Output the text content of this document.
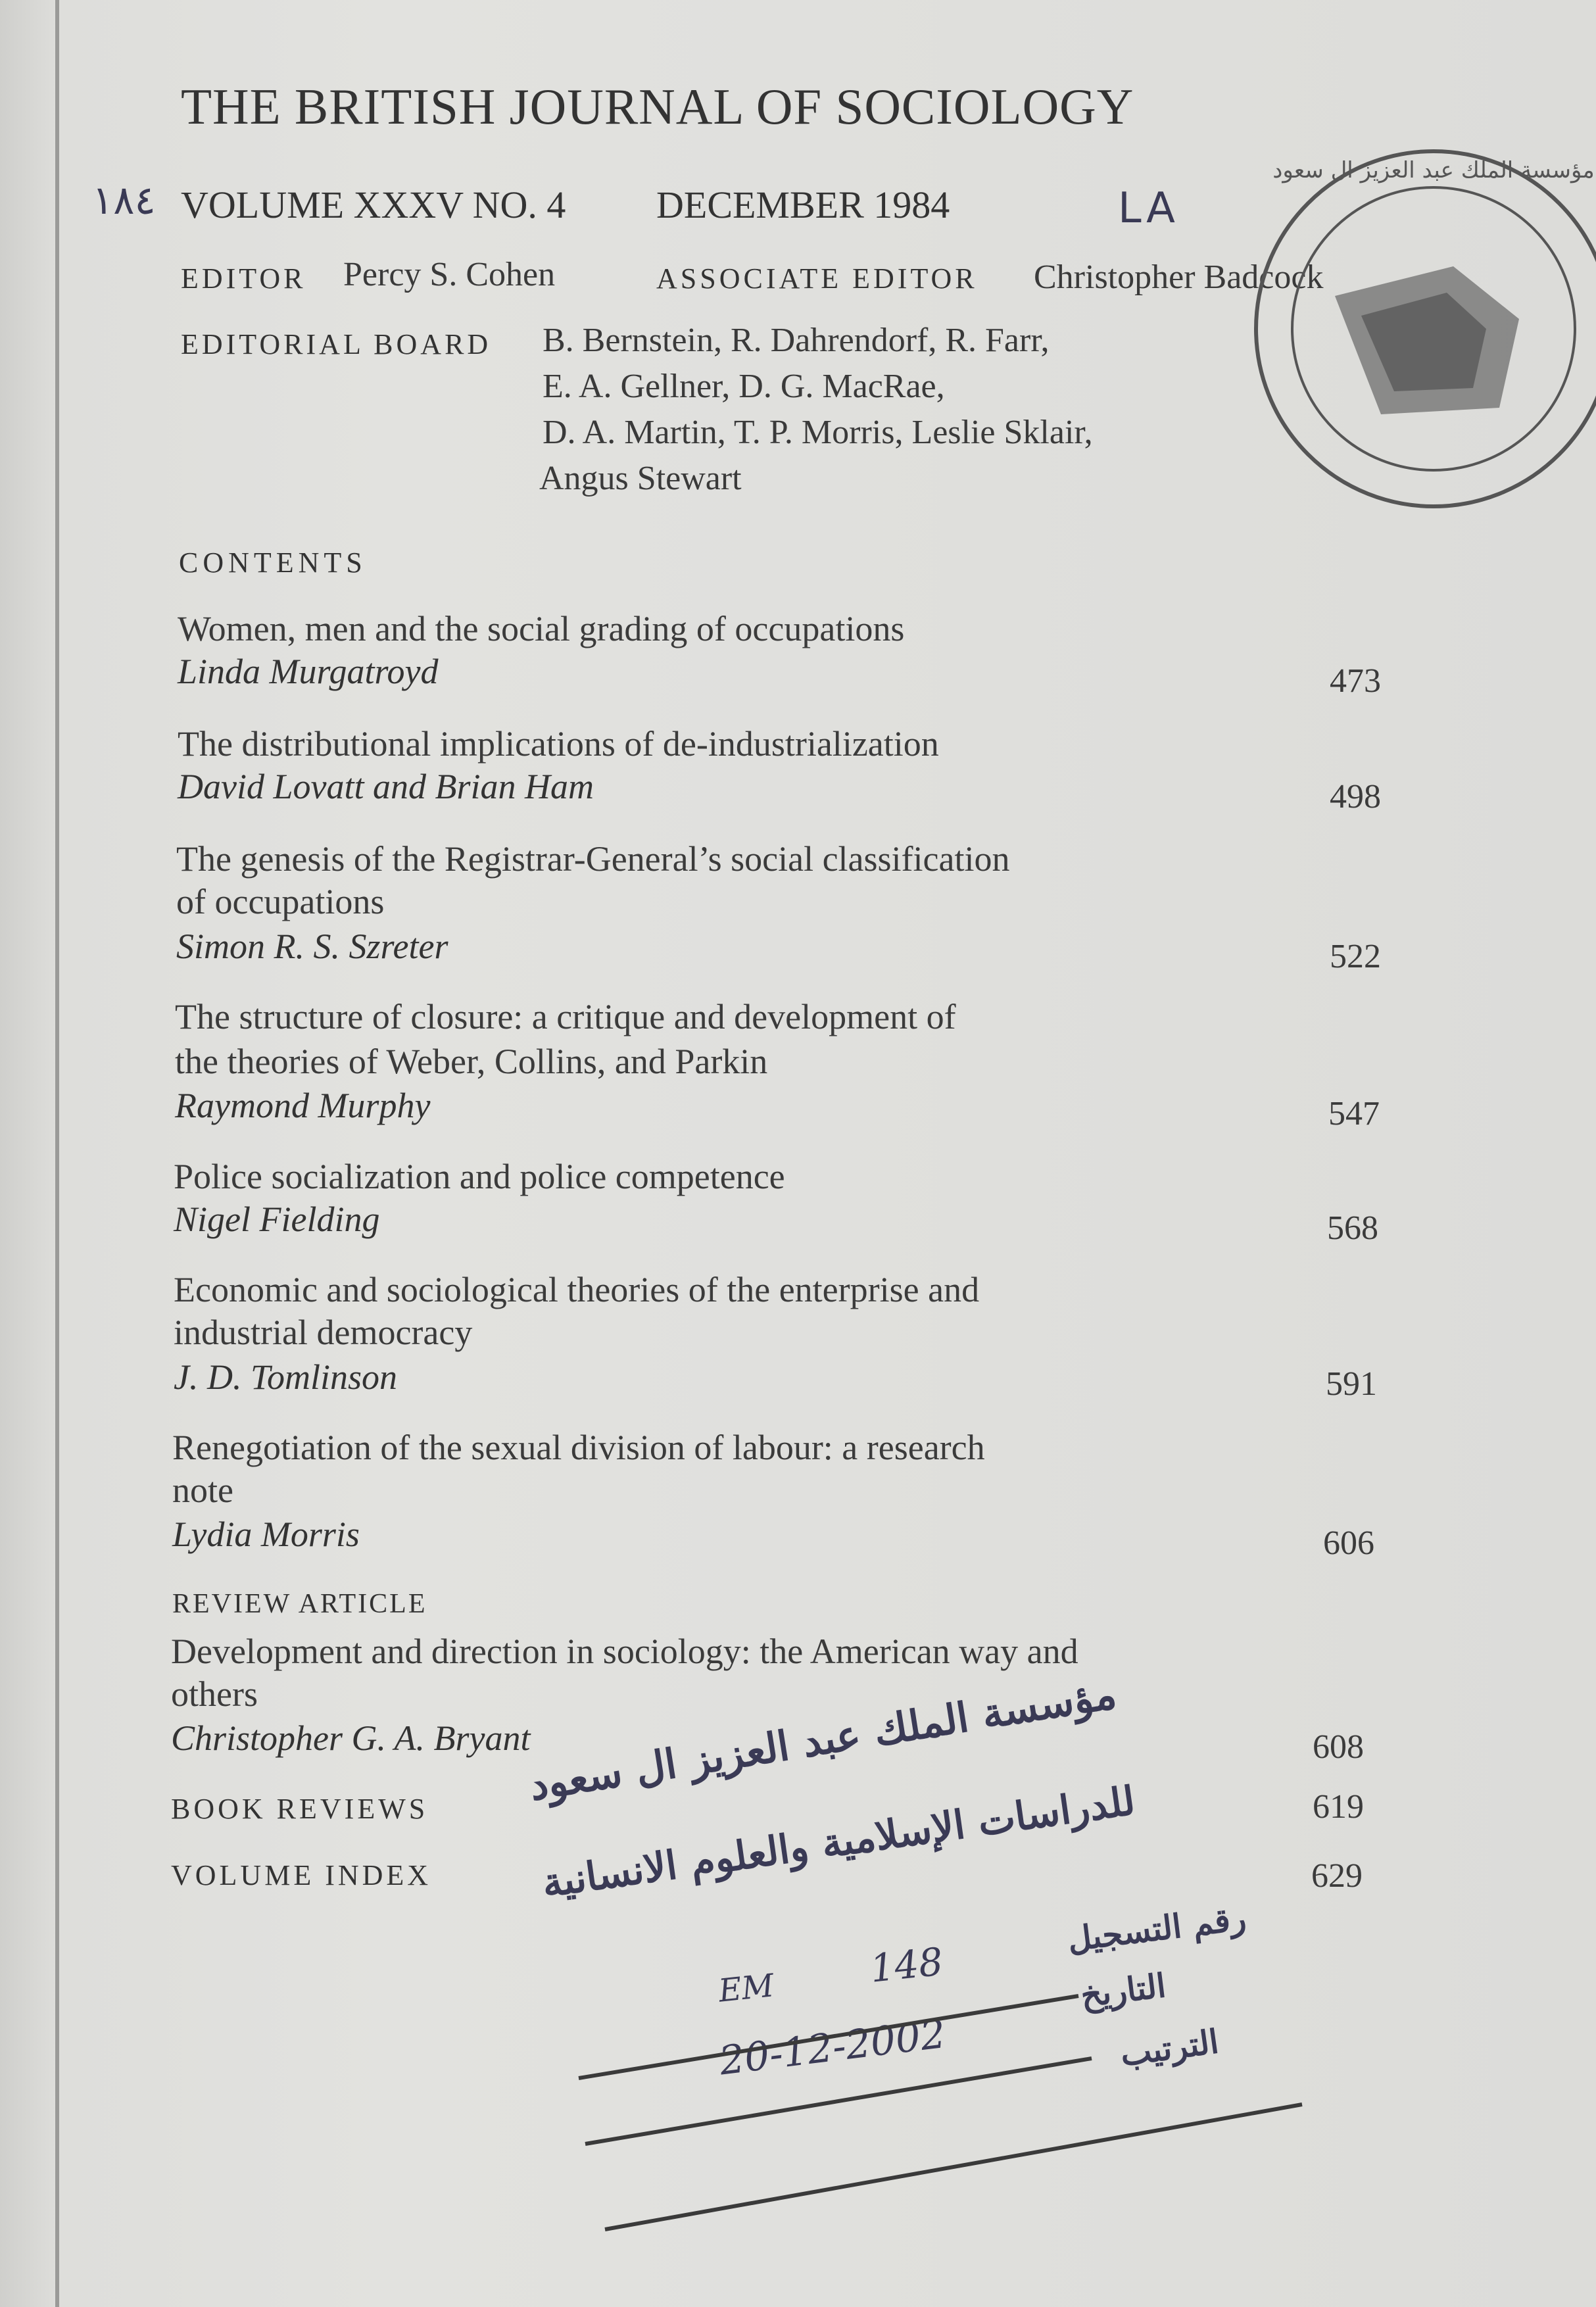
THE BRITISH JOURNAL OF SOCIOLOGY
١٨٤ VOLUME XXXV NO. 4 DECEMBER 1984	LA
EDITOR Percy S. Cohen	ASSOCIATE EDITOR Christopher Badcock
EDITORIAL BOARD B. Bernstein, R. Dahrendorf, R. Farr,
E. A. Gellner, D. G. MacRae,
D. A. Martin, T. P. Morris, Leslie Sklair,
Angus Stewart
مؤسسة الملك عبد العزيز ال سعود
CONTENTS
Women, men and the social grading of occupations
Linda Murgatroyd	473
The distributional implications of de-industrialization
David Lovatt and Brian Ham	498
The genesis of the Registrar-General’s social classification
of occupations
Simon R. S. Szreter	522
The structure of closure: a critique and development of
the theories of Weber, Collins, and Parkin
Raymond Murphy	547
Police socialization and police competence
Nigel Fielding	568
Economic and sociological theories of the enterprise and
industrial democracy
J. D. Tomlinson	591
Renegotiation of the sexual division of labour: a research
note
Lydia Morris	606
REVIEW ARTICLE
Development and direction in sociology: the American way and
others
Christopher G. A. Bryant	608
BOOK REVIEWS	619
VOLUME INDEX	629
مؤسسة الملك عبد العزيز ال سعود
للدراسات الإسلامية والعلوم الانسانية
رقم التسجيل
EM 148	التاريخ
20-12-2002	الترتيب
